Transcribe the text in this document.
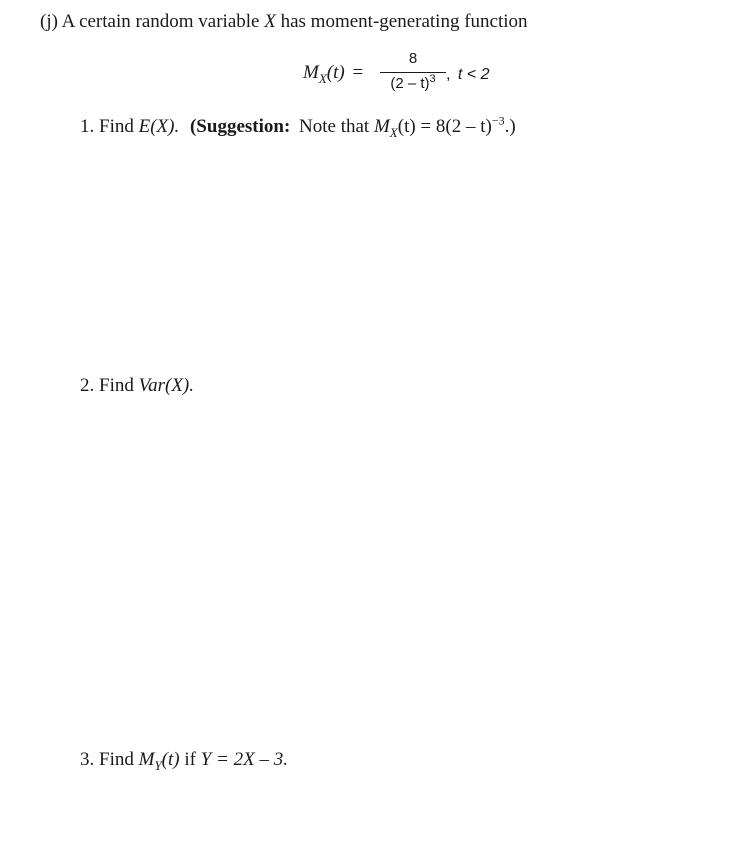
(j) A certain random variable X has moment-generating function
$M_X(t)$ =
8
(2 – t)$^3$ , t < 2
1. Find E(X). (Suggestion: Note that $M_X(t) = 8(2 - t)^{-3}$.)
2. Find Var(X).
3. Find $M_Y(t)$ if Y = 2X – 3.
